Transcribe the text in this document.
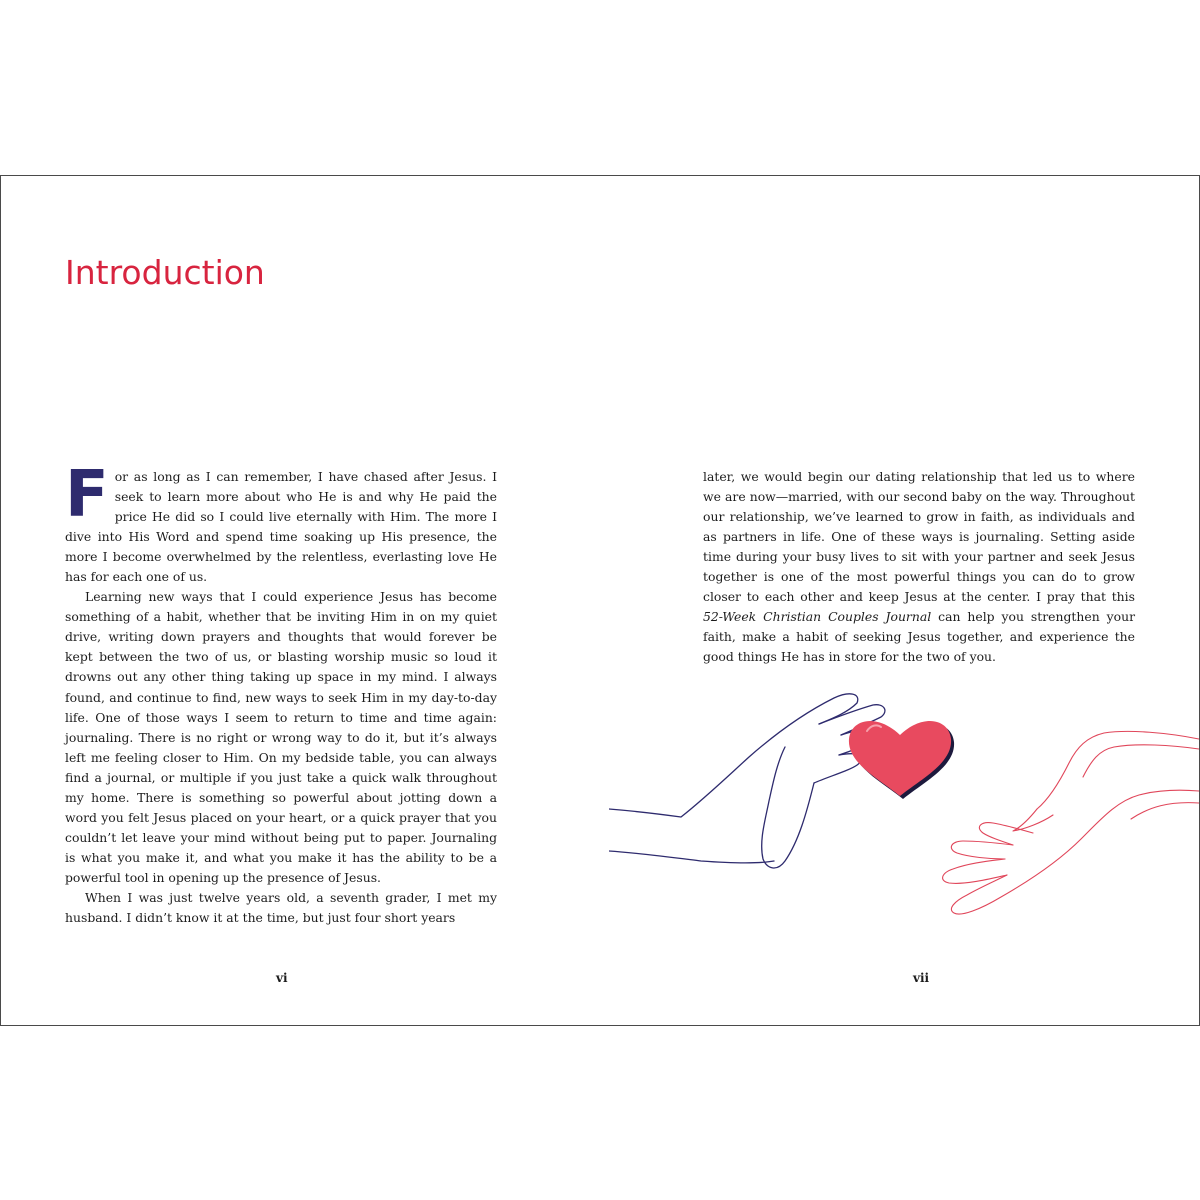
Introduction

For as long as I can remember, I have chased after Jesus. I seek to learn more about who He is and why He paid the price He did so I could live eternally with Him. The more I dive into His Word and spend time soaking up His presence, the more I become overwhelmed by the relentless, everlasting love He has for each one of us.

Learning new ways that I could experience Jesus has become something of a habit, whether that be inviting Him in on my quiet drive, writing down prayers and thoughts that would forever be kept between the two of us, or blasting worship music so loud it drowns out any other thing taking up space in my mind. I always found, and continue to find, new ways to seek Him in my day-to-day life. One of those ways I seem to return to time and time again: journaling. There is no right or wrong way to do it, but it’s always left me feeling closer to Him. On my bedside table, you can always find a journal, or multiple if you just take a quick walk throughout my home. There is something so powerful about jotting down a word you felt Jesus placed on your heart, or a quick prayer that you couldn’t let leave your mind without being put to paper. Journaling is what you make it, and what you make it has the ability to be a powerful tool in opening up the presence of Jesus.

When I was just twelve years old, a seventh grader, I met my husband. I didn’t know it at the time, but just four short years

later, we would begin our dating relationship that led us to where we are now—married, with our second baby on the way. Throughout our relationship, we’ve learned to grow in faith, as individuals and as partners in life. One of these ways is journaling. Setting aside time during your busy lives to sit with your partner and seek Jesus together is one of the most powerful things you can do to grow closer to each other and keep Jesus at the center. I pray that this 52-Week Christian Couples Journal can help you strengthen your faith, make a habit of seeking Jesus together, and experience the good things He has in store for the two of you.

vi	vii
